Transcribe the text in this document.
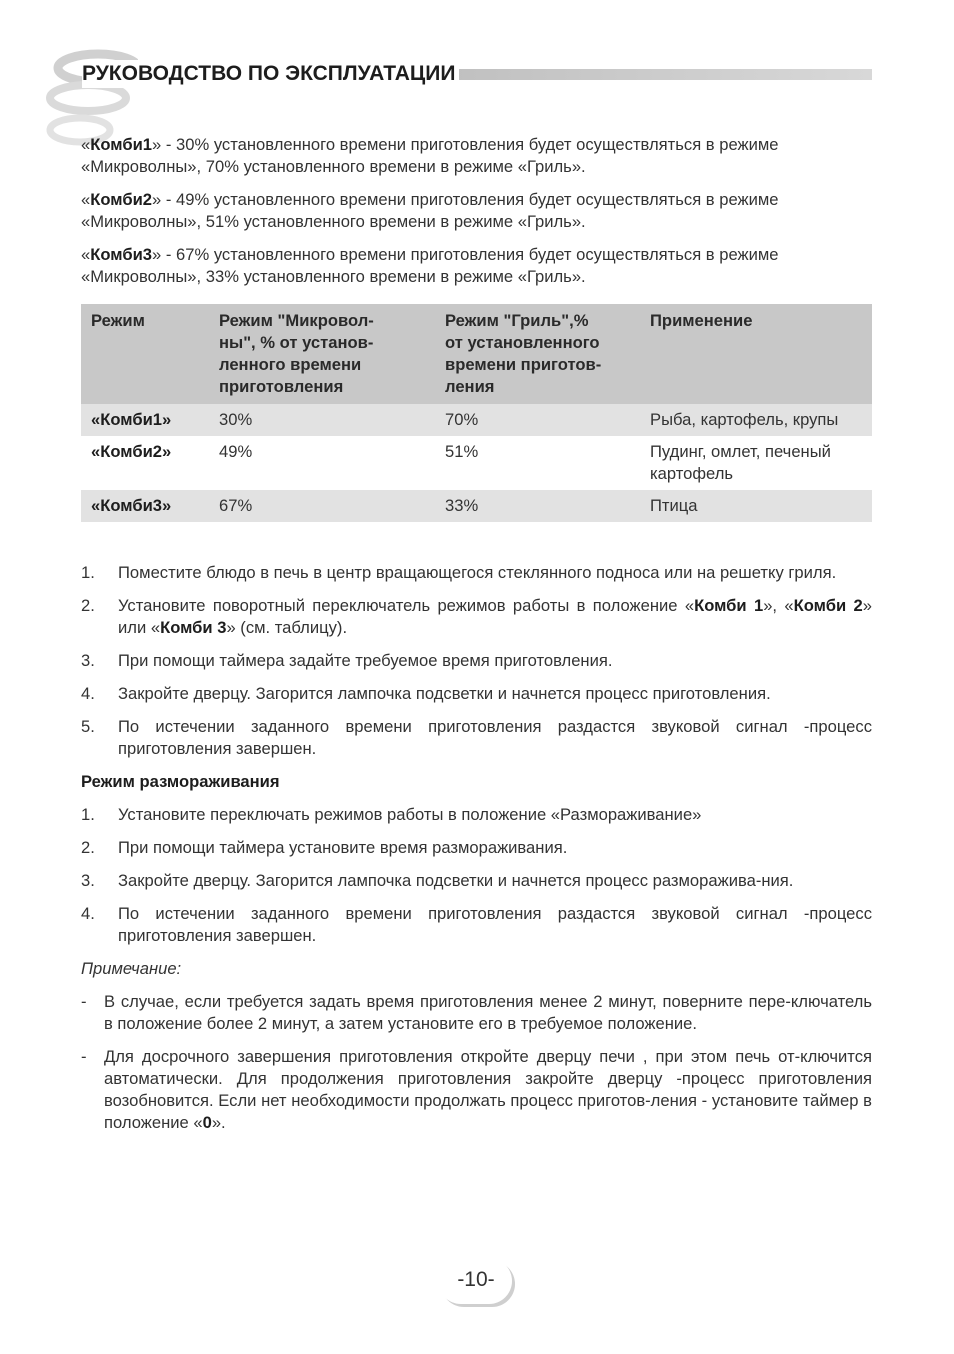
РУКОВОДСТВО ПО ЭКСПЛУАТАЦИИ

«Комби1» - 30% установленного времени приготовления будет осуществляться в режиме «Микроволны», 70% установленного времени в режиме «Гриль».

«Комби2» - 49% установленного времени приготовления будет осуществляться в режиме «Микроволны», 51% установленного времени в режиме «Гриль».

«Комби3» - 67% установленного времени приготовления будет осуществляться в режиме «Микроволны», 33% установленного времени в режиме «Гриль».

Режим	Режим "Микровол-
ны", % от установ-
ленного времени
приготовления	Режим "Гриль",%
от установленного
времени приготов-
ления	Применение
«Комби1»	30%	70%	Рыба, картофель, крупы
«Комби2»	49%	51%	Пудинг, омлет, печеный картофель
«Комби3»	67%	33%	Птица
1. Поместите блюдо в печь в центр вращающегося стеклянного подноса или на решетку гриля.
2. Установите поворотный переключатель режимов работы в положение «Комби 1», «Комби 2» или «Комби 3» (см. таблицу).
3. При помощи таймера задайте требуемое время приготовления.
4. Закройте дверцу. Загорится лампочка подсветки и начнется процесс приготовления.
5. По истечении заданного времени приготовления раздастся звуковой сигнал -процесс приготовления завершен.

Режим размораживания

1. Установите переключать режимов работы в положение «Размораживание»
2. При помощи таймера установите время размораживания.
3. Закройте дверцу. Загорится лампочка подсветки и начнется процесс разморажива-ния.
4. По истечении заданного времени приготовления раздастся звуковой сигнал -процесс приготовления завершен.

Примечание:

- В случае, если требуется задать время приготовления менее 2 минут, поверните пере-ключатель в положение более 2 минут, а затем установите его в требуемое положение.
- Для досрочного завершения приготовления откройте дверцу печи , при этом печь от-ключится автоматически. Для продолжения приготовления закройте дверцу -процесс приготовления возобновится. Если нет необходимости продолжать процесс приготов-ления - установите таймер в положение «0».
-10-
